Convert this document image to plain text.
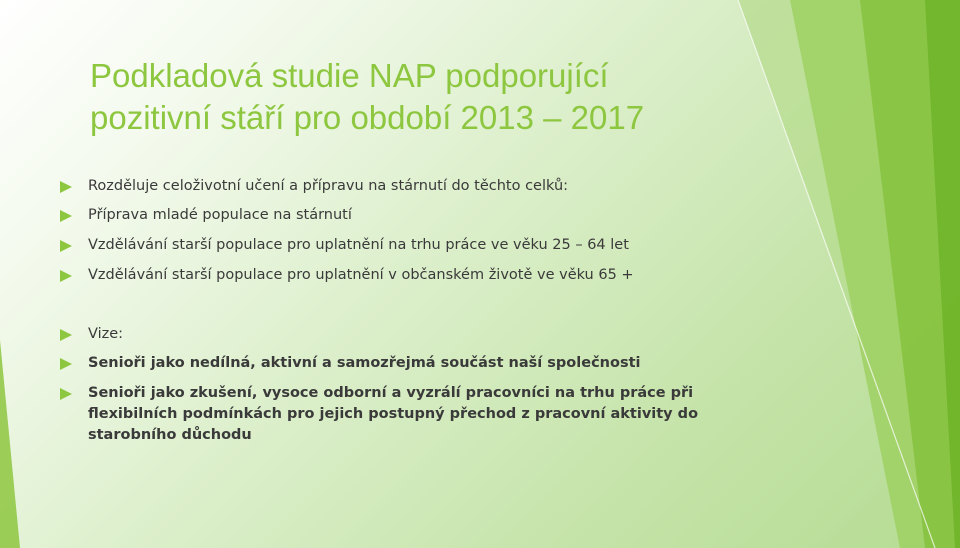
Podkladová studie NAP podporující
pozitivní stáří pro období 2013 – 2017
Rozděluje celoživotní učení a přípravu na stárnutí do těchto celků:
Příprava mladé populace na stárnutí
Vzdělávání starší populace pro uplatnění na trhu práce ve věku 25 – 64 let
Vzdělávání starší populace pro uplatnění v občanském životě ve věku 65 +
Vize:
Senioři jako nedílná, aktivní a samozřejmá součást naší společnosti
Senioři jako zkušení, vysoce odborní a vyzrálí pracovníci na trhu práce při flexibilních podmínkách pro jejich postupný přechod z pracovní aktivity do starobního důchodu
